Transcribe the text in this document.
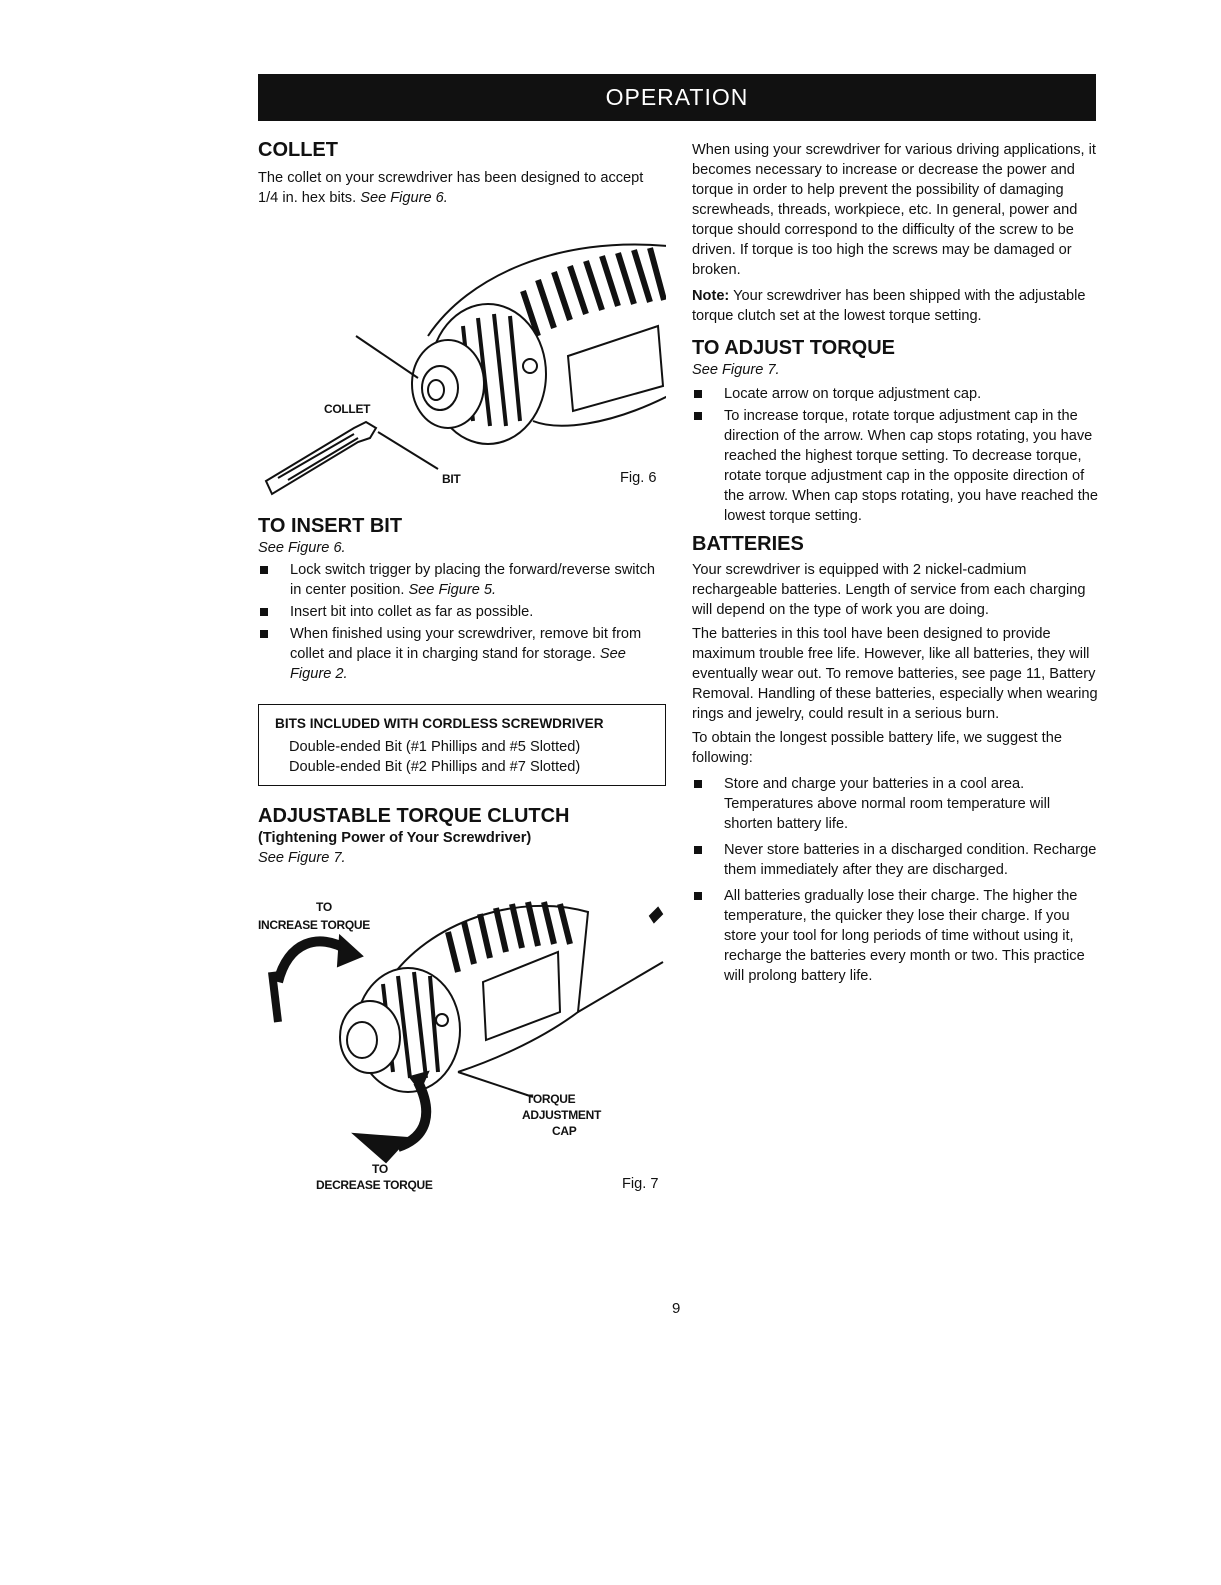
OPERATION
COLLET

The collet on your screwdriver has been designed to accept 1/4 in. hex bits. See Figure 6.

COLLET
BIT	Fig. 6
TO INSERT BIT
See Figure 6.
Lock switch trigger by placing the forward/reverse switch in center position. See Figure 5.
Insert bit into collet as far as possible.
When finished using your screwdriver, remove bit from collet and place it in charging stand for storage. See Figure 2.
BITS INCLUDED WITH CORDLESS SCREWDRIVER
Double-ended Bit (#1 Phillips and #5 Slotted)
Double-ended Bit (#2 Phillips and #7 Slotted)
ADJUSTABLE TORQUE CLUTCH
(Tightening Power of Your Screwdriver)
See Figure 7.
TO
INCREASE TORQUE
TORQUE
ADJUSTMENT
CAP
TO
DECREASE TORQUE	Fig. 7

When using your screwdriver for various driving applications, it becomes necessary to increase or decrease the power and torque in order to help prevent the possibility of damaging screwheads, threads, workpiece, etc. In general, power and torque should correspond to the difficulty of the screw to be driven. If torque is too high the screws may be damaged or broken.

Note: Your screwdriver has been shipped with the adjustable torque clutch set at the lowest torque setting.

TO ADJUST TORQUE
See Figure 7.
Locate arrow on torque adjustment cap.
To increase torque, rotate torque adjustment cap in the direction of the arrow. When cap stops rotating, you have reached the highest torque setting. To decrease torque, rotate torque adjustment cap in the opposite direction of the arrow. When cap stops rotating, you have reached the lowest torque setting.
BATTERIES

Your screwdriver is equipped with 2 nickel-cadmium rechargeable batteries. Length of service from each charging will depend on the type of work you are doing.

The batteries in this tool have been designed to provide maximum trouble free life. However, like all batteries, they will eventually wear out. To remove batteries, see page 11, Battery Removal. Handling of these batteries, especially when wearing rings and jewelry, could result in a serious burn.

To obtain the longest possible battery life, we suggest the following:

Store and charge your batteries in a cool area. Temperatures above normal room temperature will shorten battery life.
Never store batteries in a discharged condition. Recharge them immediately after they are discharged.
All batteries gradually lose their charge. The higher the temperature, the quicker they lose their charge. If you store your tool for long periods of time without using it, recharge the batteries every month or two. This practice will prolong battery life.
9
